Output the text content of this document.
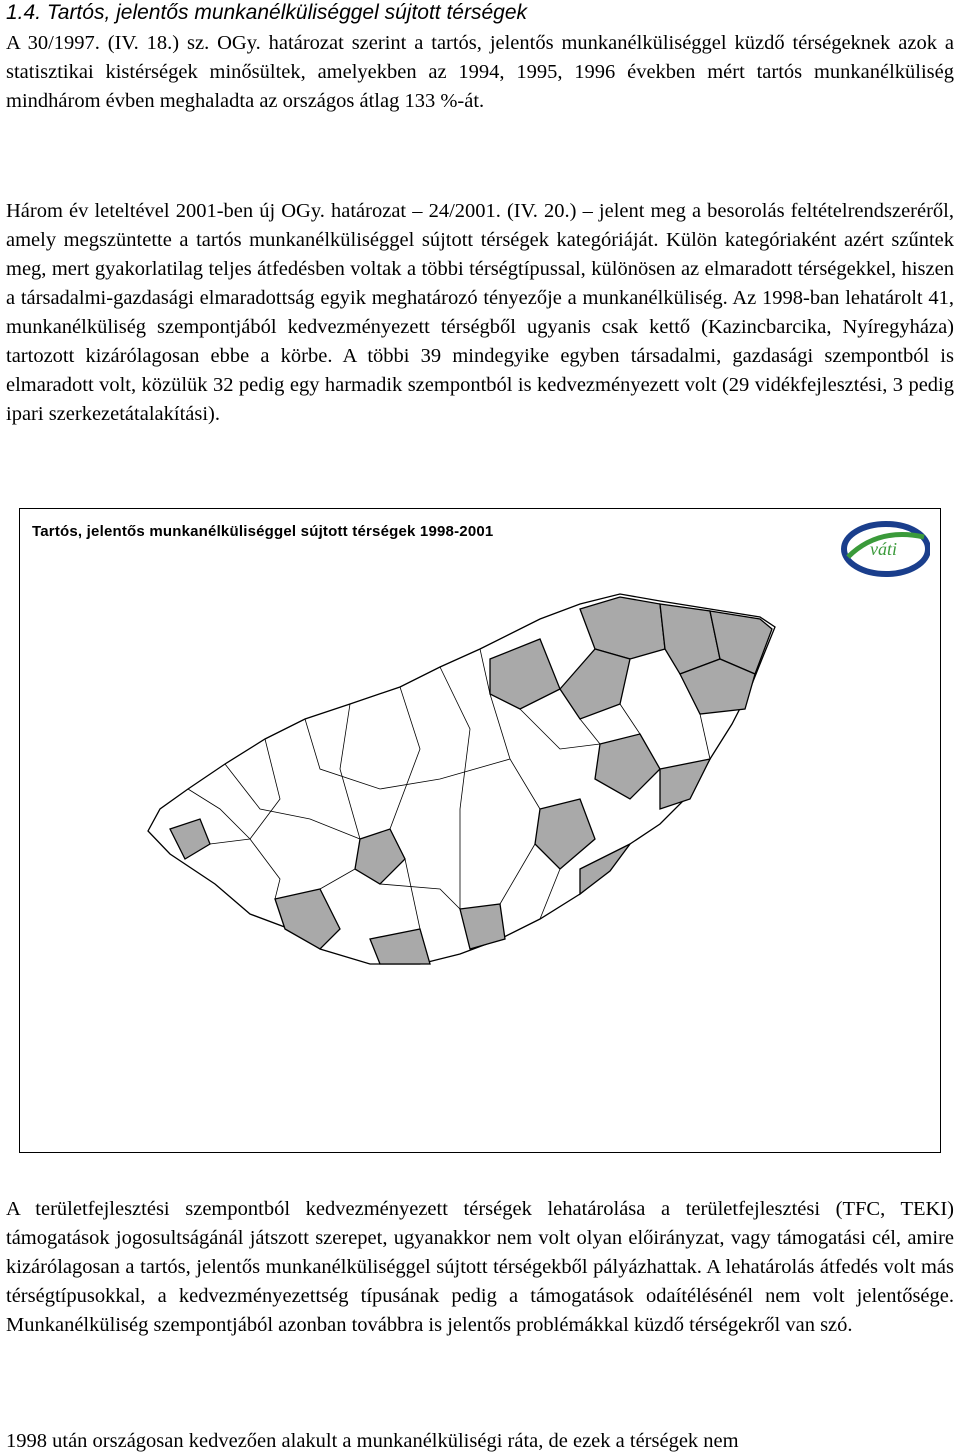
1.4. Tartós, jelentős munkanélküliséggel sújtott térségek

A 30/1997. (IV. 18.) sz. OGy. határozat szerint a tartós, jelentős munkanélküliséggel küzdő térségeknek azok a statisztikai kistérségek minősültek, amelyekben az 1994, 1995, 1996 években mért tartós munkanélküliség mindhárom évben meghaladta az országos átlag 133 %-át.

Három év leteltével 2001-ben új OGy. határozat – 24/2001. (IV. 20.) – jelent meg a besorolás feltételrendszeréről, amely megszüntette a tartós munkanélküliséggel sújtott térségek kategóriáját. Külön kategóriaként azért szűntek meg, mert gyakorlatilag teljes átfedésben voltak a többi térségtípussal, különösen az elmaradott térségekkel, hiszen a társadalmi-gazdasági elmaradottság egyik meghatározó tényezője a munkanélküliség. Az 1998-ban lehatárolt 41, munkanélküliség szempontjából kedvezményezett térségből ugyanis csak kettő (Kazincbarcika, Nyíregyháza) tartozott kizárólagosan ebbe a körbe. A többi 39 mindegyike egyben társadalmi, gazdasági szempontból is elmaradott volt, közülük 32 pedig egy harmadik szempontból is kedvezményezett volt (29 vidékfejlesztési, 3 pedig ipari szerkezetátalakítási).

Tartós, jelentős munkanélküliséggel sújtott térségek 1998-2001
váti

A területfejlesztési szempontból kedvezményezett térségek lehatárolása a területfejlesztési (TFC, TEKI) támogatások jogosultságánál játszott szerepet, ugyanakkor nem volt olyan előirányzat, vagy támogatási cél, amire kizárólagosan a tartós, jelentős munkanélküliséggel sújtott térségekből pályázhattak. A lehatárolás átfedés volt más térségtípusokkal, a kedvezményezettség típusának pedig a támogatások odaítélésénél nem volt jelentősége. Munkanélküliség szempontjából azonban továbbra is jelentős problémákkal küzdő térségekről van szó.

1998 után országosan kedvezően alakult a munkanélküliségi ráta, de ezek a térségek nem
